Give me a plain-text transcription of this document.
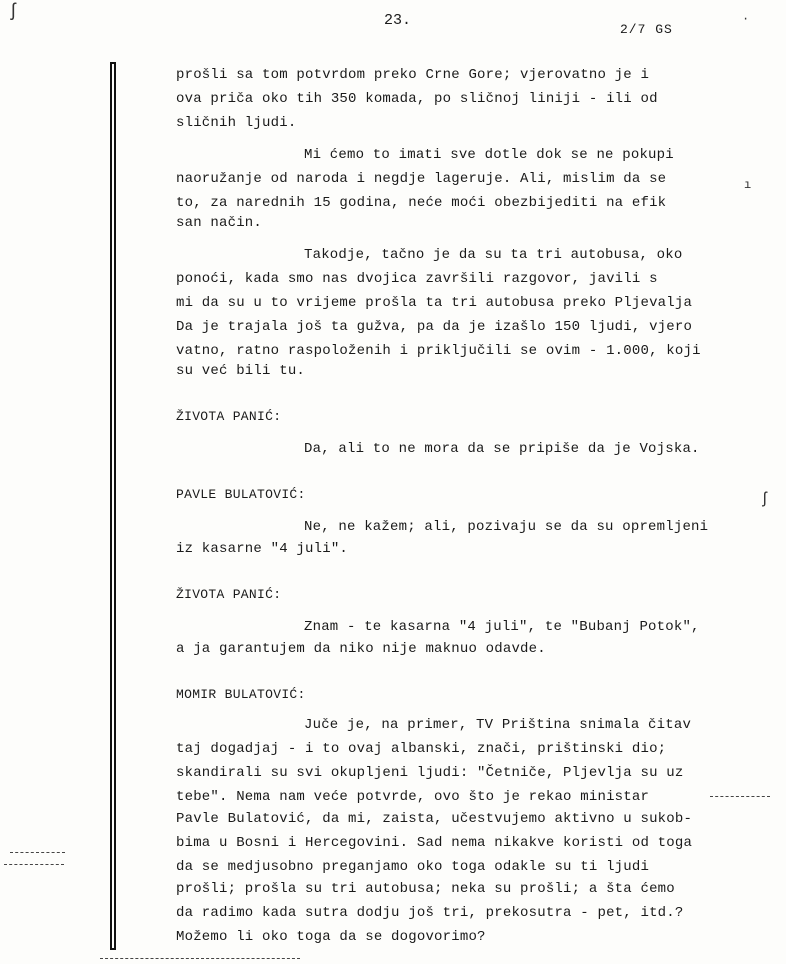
23.
2/7 GS
prošli sa tom potvrdom preko Crne Gore; vjerovatno je i
ova priča oko tih 350 komada, po sličnoj liniji - ili od
sličnih ljudi.
Mi ćemo to imati sve dotle dok se ne pokupi
naoružanje od naroda i negdje lageruje. Ali, mislim da se
to, za narednih 15 godina, neće moći obezbijediti na efik
san način.
Takodje, tačno je da su ta tri autobusa, oko
ponoći, kada smo nas dvojica završili razgovor, javili s
mi da su u to vrijeme prošla ta tri autobusa preko Pljevalja
Da je trajala još ta gužva, pa da je izašlo 150 ljudi, vjero
vatno, ratno raspoloženih i priključili se ovim - 1.000, koji
su već bili tu.
ŽIVOTA PANIĆ:
Da, ali to ne mora da se pripiše da je Vojska.
PAVLE BULATOVIĆ:
Ne, ne kažem; ali, pozivaju se da su opremljeni
iz kasarne "4 juli".
ŽIVOTA PANIĆ:
Znam - te kasarna "4 juli", te "Bubanj Potok",
a ja garantujem da niko nije maknuo odavde.
MOMIR BULATOVIĆ:
Juče je, na primer, TV Priština snimala čitav
taj dogadjaj - i to ovaj albanski, znači, prištinski dio;
skandirali su svi okupljeni ljudi: "Četniče, Pljevlja su uz
tebe". Nema nam veće potvrde, ovo što je rekao ministar
Pavle Bulatović, da mi, zaista, učestvujemo aktivno u sukob-
bima u Bosni i Hercegovini. Sad nema nikakve koristi od toga
da se medjusobno preganjamo oko toga odakle su ti ljudi
prošli; prošla su tri autobusa; neka su prošli; a šta ćemo
da radimo kada sutra dodju još tri, prekosutra - pet, itd.?
Možemo li oko toga da se dogovorimo?
ʃ	·
ı
ʃ
